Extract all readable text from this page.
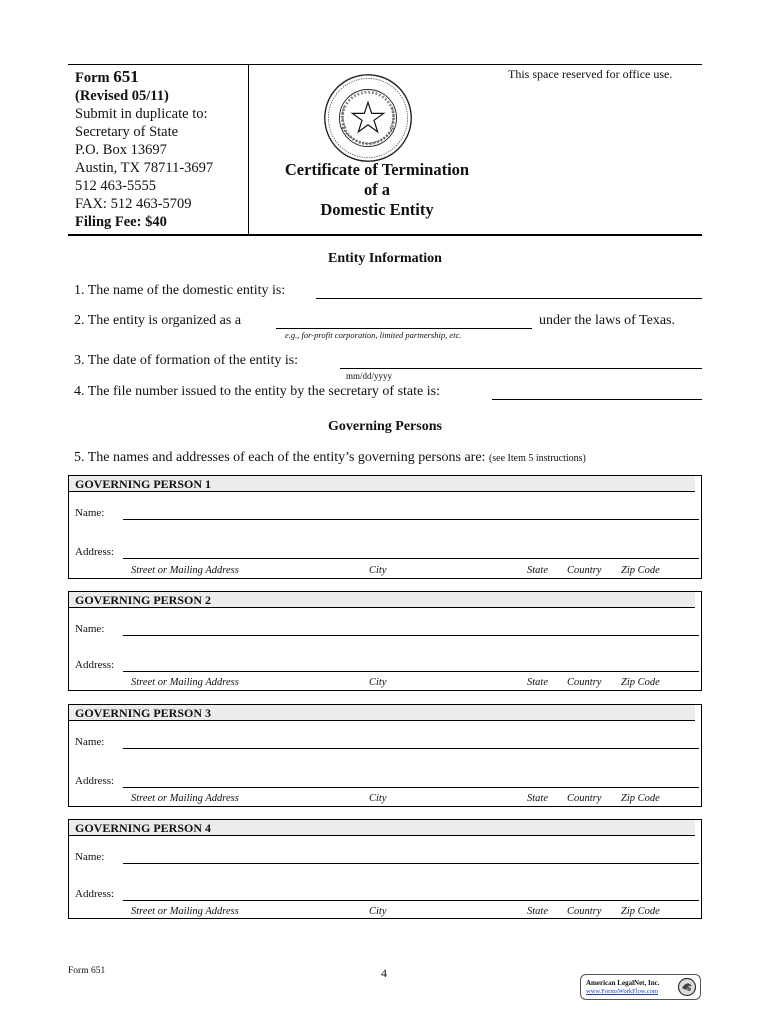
Form 651
(Revised 05/11)
Submit in duplicate to:
Secretary of State
P.O. Box 13697
Austin, TX 78711-3697
512 463-5555
FAX: 512 463-5709
Filing Fee: $40
This space reserved for office use.
Certificate of Termination
of a
Domestic Entity
Entity Information
1. The name of the domestic entity is:
2. The entity is organized as a	under the laws of Texas.
e.g., for-profit corporation, limited partnership, etc.
3. The date of formation of the entity is:
mm/dd/yyyy
4. The file number issued to the entity by the secretary of state is:
Governing Persons
5. The names and addresses of each of the entity’s governing persons are: (see Item 5 instructions)
GOVERNING PERSON 1
Name:
Address:
Street or Mailing Address	City	State Country Zip Code
GOVERNING PERSON 2
Name:
Address:
Street or Mailing Address	City	State Country Zip Code
GOVERNING PERSON 3
Name:
Address:
Street or Mailing Address	City	State Country Zip Code
GOVERNING PERSON 4
Name:
Address:
Street or Mailing Address	City	State Country Zip Code
Form 651	4
American LegalNet, Inc.
www.FormsWorkFlow.com
